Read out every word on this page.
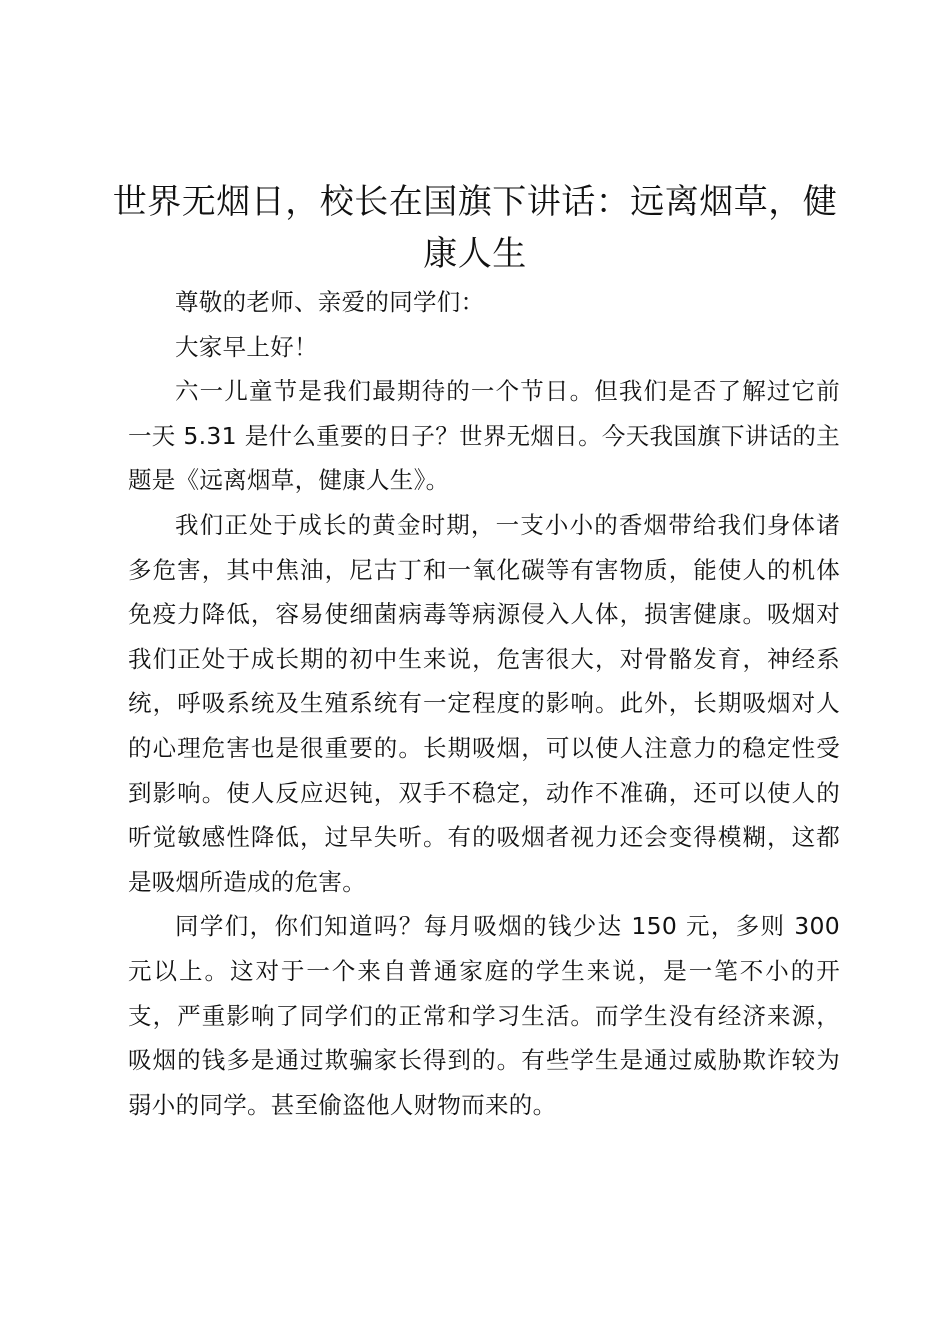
世界无烟日，校长在国旗下讲话：远离烟草，健康人生

尊敬的老师、亲爱的同学们：

大家早上好！

六一儿童节是我们最期待的一个节日。但我们是否了解过它前一天 5.31 是什么重要的日子？世界无烟日。今天我国旗下讲话的主题是《远离烟草，健康人生》。

我们正处于成长的黄金时期，一支小小的香烟带给我们身体诸多危害，其中焦油，尼古丁和一氧化碳等有害物质，能使人的机体免疫力降低，容易使细菌病毒等病源侵入人体，损害健康。吸烟对我们正处于成长期的初中生来说，危害很大，对骨骼发育，神经系统，呼吸系统及生殖系统有一定程度的影响。此外，长期吸烟对人的心理危害也是很重要的。长期吸烟，可以使人注意力的稳定性受到影响。使人反应迟钝，双手不稳定，动作不准确，还可以使人的听觉敏感性降低，过早失听。有的吸烟者视力还会变得模糊，这都是吸烟所造成的危害。

同学们，你们知道吗？每月吸烟的钱少达 150 元，多则 300 元以上。这对于一个来自普通家庭的学生来说，是一笔不小的开支，严重影响了同学们的正常和学习生活。而学生没有经济来源，吸烟的钱多是通过欺骗家长得到的。有些学生是通过威胁欺诈较为弱小的同学。甚至偷盗他人财物而来的。
